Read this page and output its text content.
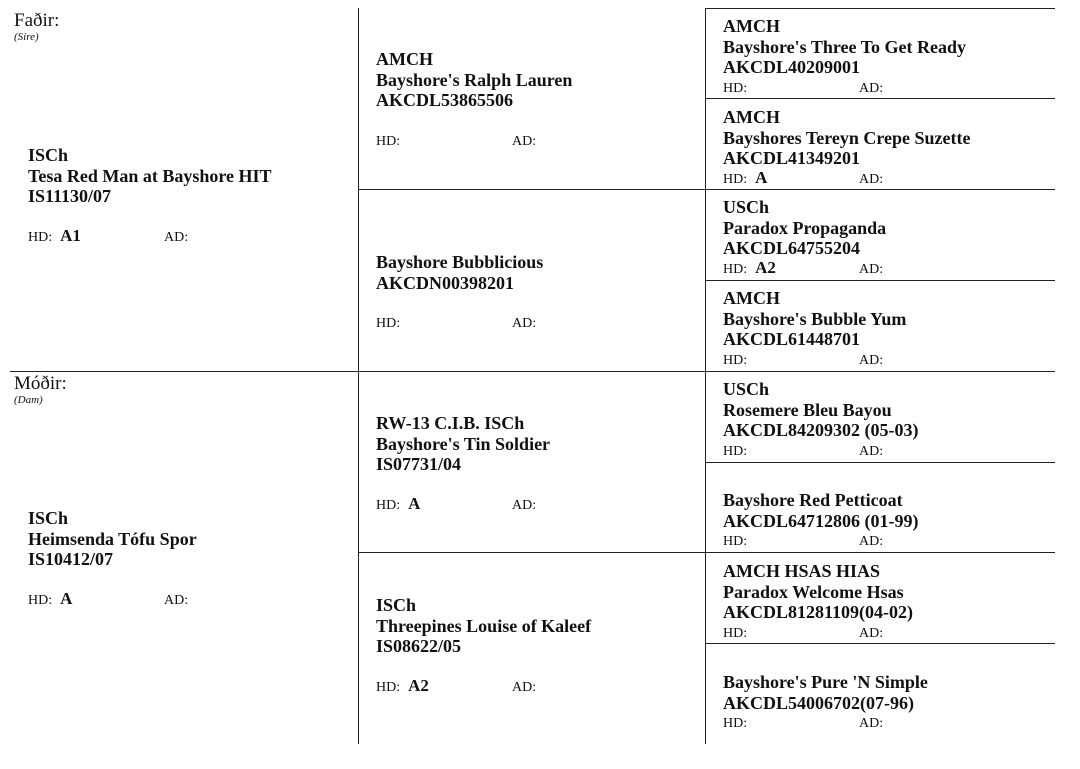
Faðir:
(Sire)
Móðir:
(Dam)
ISCh
Tesa Red Man at Bayshore HIT
IS11130/07
HD: A1	AD:
ISCh
Heimsenda Tófu Spor
IS10412/07
HD: A	AD:
AMCH
Bayshore's Ralph Lauren
AKCDL53865506
HD:	AD:
Bayshore Bubblicious
AKCDN00398201
HD:	AD:
RW-13 C.I.B. ISCh
Bayshore's Tin Soldier
IS07731/04
HD: A	AD:
ISCh
Threepines Louise of Kaleef
IS08622/05
HD: A2	AD:
AMCH
Bayshore's Three To Get Ready
AKCDL40209001
HD:	AD:
AMCH
Bayshores Tereyn Crepe Suzette
AKCDL41349201
HD: A	AD:
USCh
Paradox Propaganda
AKCDL64755204
HD: A2	AD:
AMCH
Bayshore's Bubble Yum
AKCDL61448701
HD:	AD:
USCh
Rosemere Bleu Bayou
AKCDL84209302 (05-03)
HD:	AD:
Bayshore Red Petticoat
AKCDL64712806 (01-99)
HD:	AD:
AMCH HSAS HIAS
Paradox Welcome Hsas
AKCDL81281109(04-02)
HD:	AD:
Bayshore's Pure 'N Simple
AKCDL54006702(07-96)
HD:	AD:
